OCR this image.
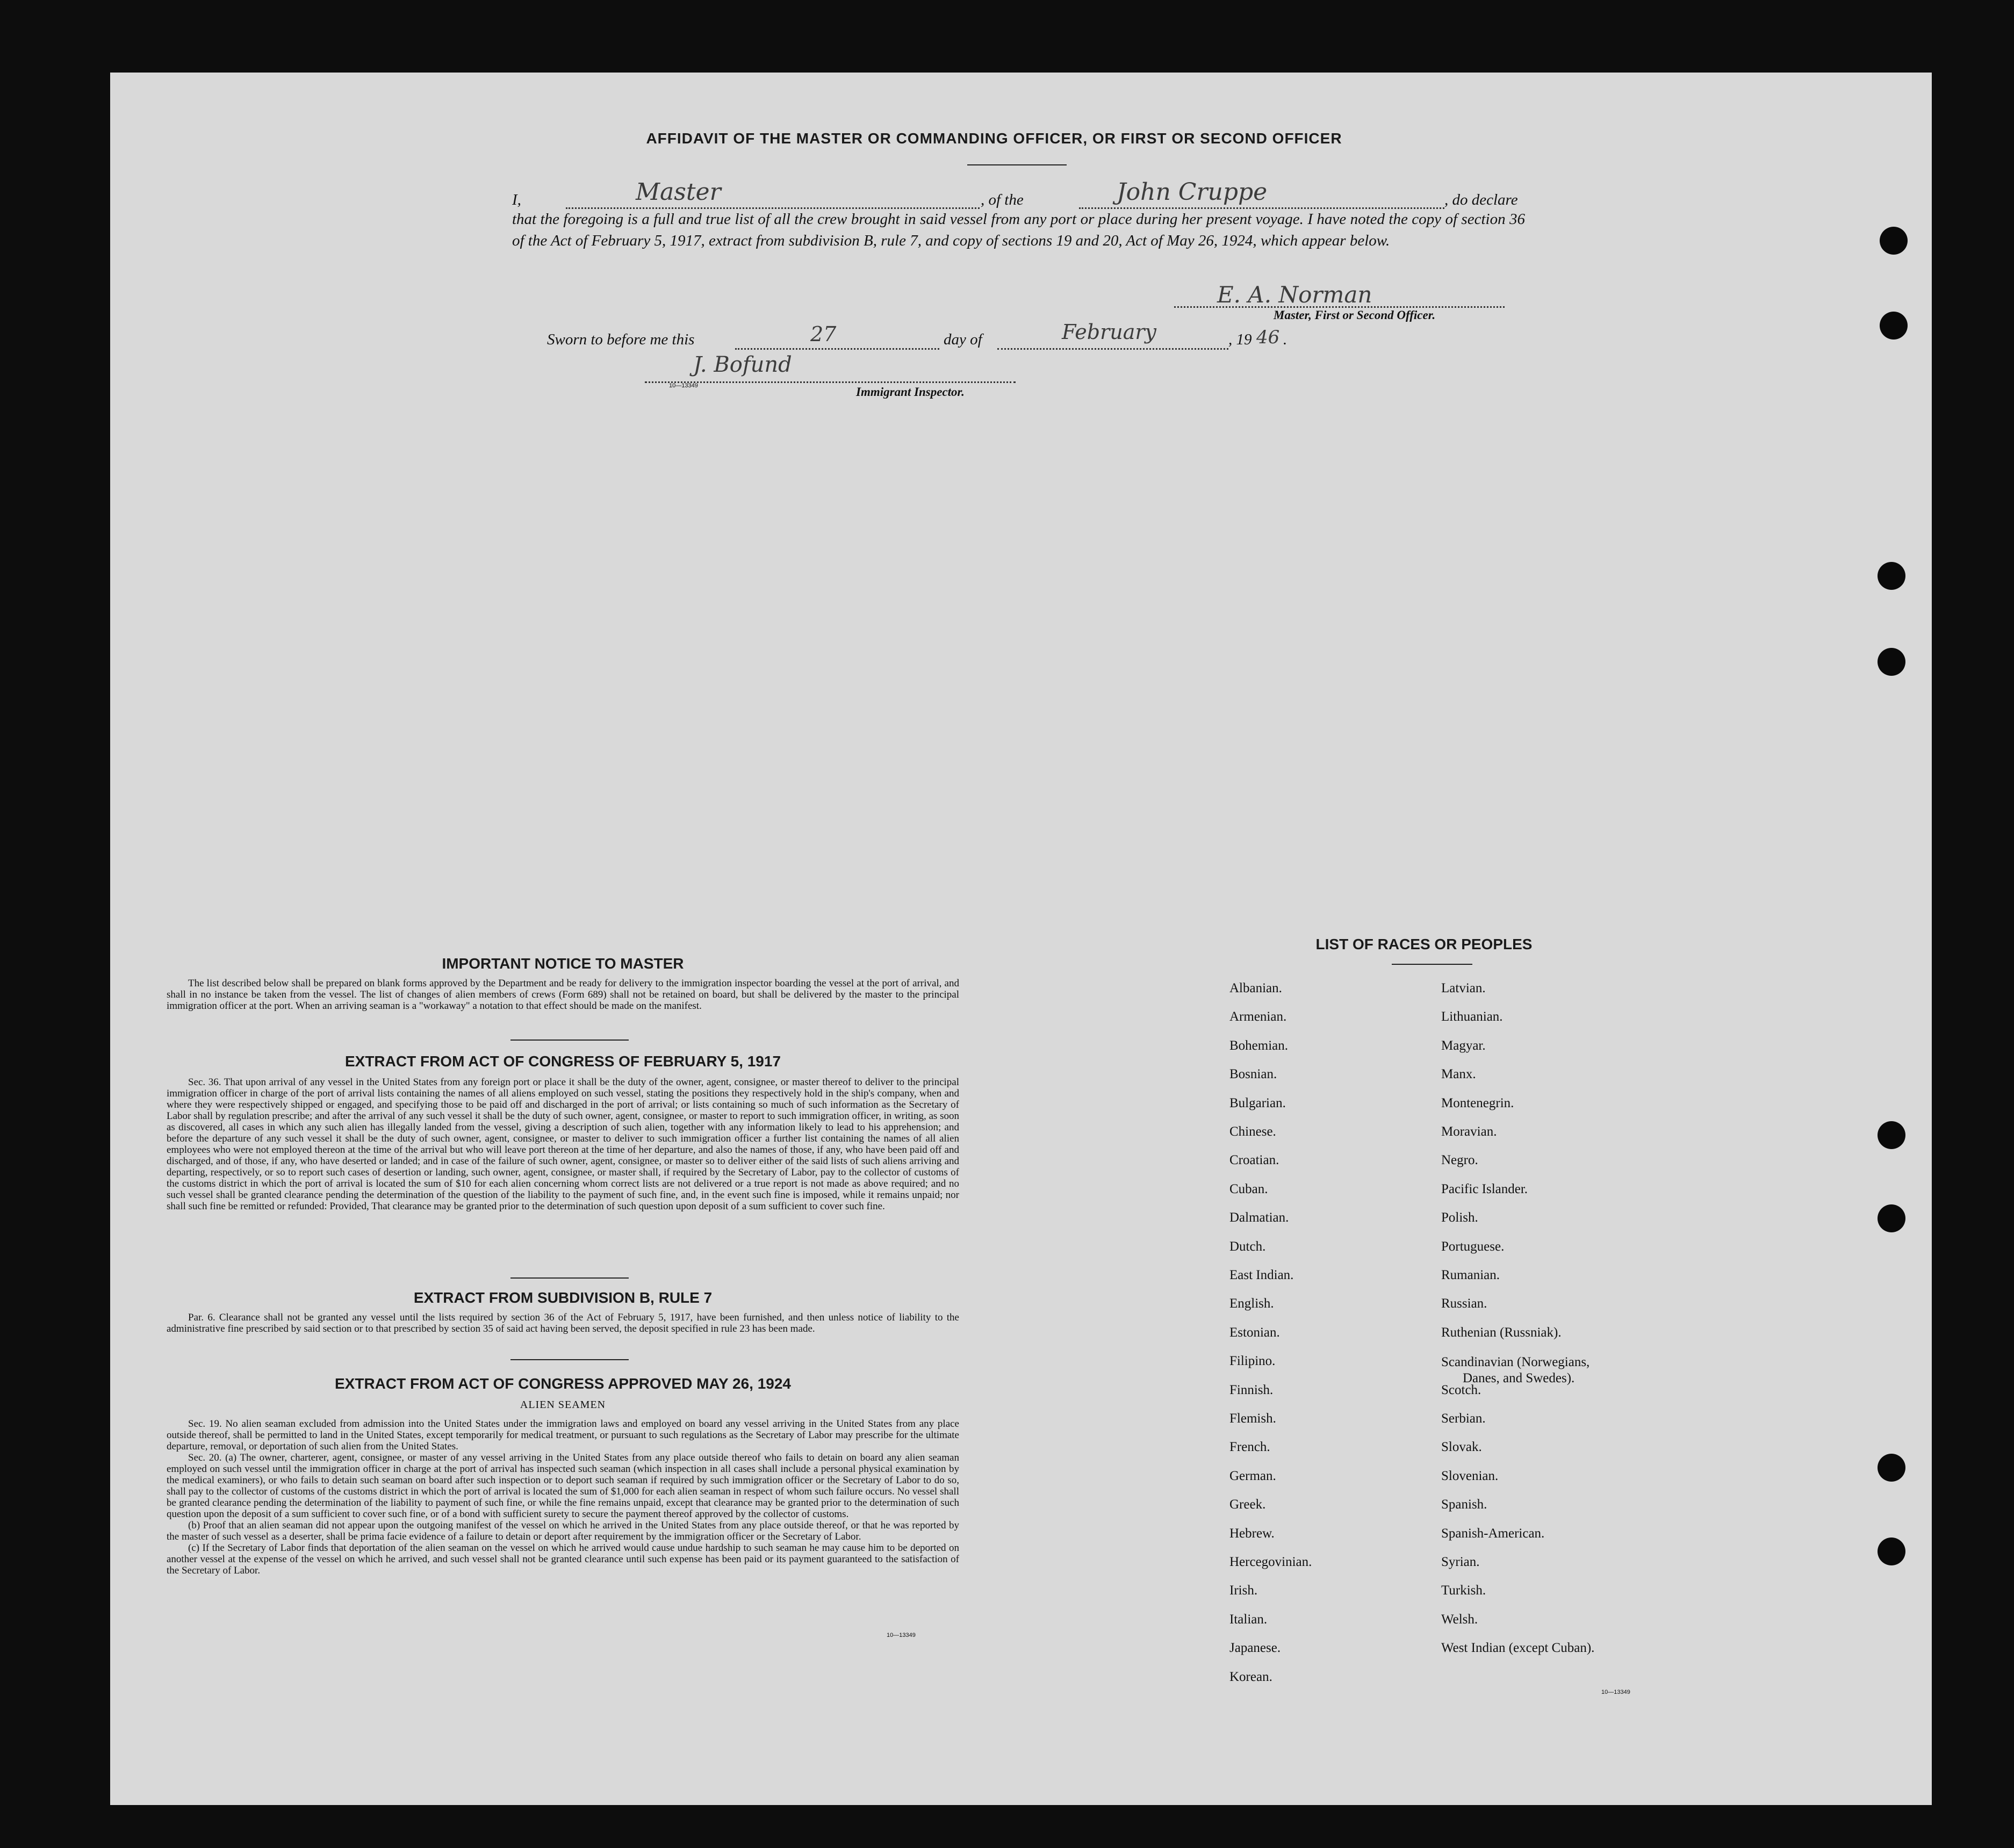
AFFIDAVIT OF THE MASTER OR COMMANDING OFFICER, OR FIRST OR SECOND OFFICER
I,	Master	, of the	John Cruppe	, do declare
that the foregoing is a full and true list of all the crew brought in said vessel from any port or place during her present voyage. I have noted the copy of section 36 of the Act of February 5, 1917, extract from subdivision B, rule 7, and copy of sections 19 and 20, Act of May 26, 1924, which appear below.
E. A. Norman
Master, First or Second Officer.
Sworn to before me this	27	day of	February	, 19 46 .
10—13349
J. Bofund
Immigrant Inspector.
IMPORTANT NOTICE TO MASTER
The list described below shall be prepared on blank forms approved by the Department and be ready for delivery to the immigration inspector boarding the vessel at the port of arrival, and shall in no instance be taken from the vessel. The list of changes of alien members of crews (Form 689) shall not be retained on board, but shall be delivered by the master to the principal immigration officer at the port. When an arriving seaman is a "workaway" a notation to that effect should be made on the manifest.
EXTRACT FROM ACT OF CONGRESS OF FEBRUARY 5, 1917
Sec. 36. That upon arrival of any vessel in the United States from any foreign port or place it shall be the duty of the owner, agent, consignee, or master thereof to deliver to the principal immigration officer in charge of the port of arrival lists containing the names of all aliens employed on such vessel, stating the positions they respectively hold in the ship's company, when and where they were respectively shipped or engaged, and specifying those to be paid off and discharged in the port of arrival; or lists containing so much of such information as the Secretary of Labor shall by regulation prescribe; and after the arrival of any such vessel it shall be the duty of such owner, agent, consignee, or master to report to such immigration officer, in writing, as soon as discovered, all cases in which any such alien has illegally landed from the vessel, giving a description of such alien, together with any information likely to lead to his apprehension; and before the departure of any such vessel it shall be the duty of such owner, agent, consignee, or master to deliver to such immigration officer a further list containing the names of all alien employees who were not employed thereon at the time of the arrival but who will leave port thereon at the time of her departure, and also the names of those, if any, who have been paid off and discharged, and of those, if any, who have deserted or landed; and in case of the failure of such owner, agent, consignee, or master so to deliver either of the said lists of such aliens arriving and departing, respectively, or so to report such cases of desertion or landing, such owner, agent, consignee, or master shall, if required by the Secretary of Labor, pay to the collector of customs of the customs district in which the port of arrival is located the sum of $10 for each alien concerning whom correct lists are not delivered or a true report is not made as above required; and no such vessel shall be granted clearance pending the determination of the question of the liability to the payment of such fine, and, in the event such fine is imposed, while it remains unpaid; nor shall such fine be remitted or refunded: Provided, That clearance may be granted prior to the determination of such question upon deposit of a sum sufficient to cover such fine.
EXTRACT FROM SUBDIVISION B, RULE 7
Par. 6. Clearance shall not be granted any vessel until the lists required by section 36 of the Act of February 5, 1917, have been furnished, and then unless notice of liability to the administrative fine prescribed by said section or to that prescribed by section 35 of said act having been served, the deposit specified in rule 23 has been made.
EXTRACT FROM ACT OF CONGRESS APPROVED MAY 26, 1924
ALIEN SEAMEN
Sec. 19. No alien seaman excluded from admission into the United States under the immigration laws and employed on board any vessel arriving in the United States from any place outside thereof, shall be permitted to land in the United States, except temporarily for medical treatment, or pursuant to such regulations as the Secretary of Labor may prescribe for the ultimate departure, removal, or deportation of such alien from the United States.
Sec. 20. (a) The owner, charterer, agent, consignee, or master of any vessel arriving in the United States from any place outside thereof who fails to detain on board any alien seaman employed on such vessel until the immigration officer in charge at the port of arrival has inspected such seaman (which inspection in all cases shall include a personal physical examination by the medical examiners), or who fails to detain such seaman on board after such inspection or to deport such seaman if required by such immigration officer or the Secretary of Labor to do so, shall pay to the collector of customs of the customs district in which the port of arrival is located the sum of $1,000 for each alien seaman in respect of whom such failure occurs. No vessel shall be granted clearance pending the determination of the liability to payment of such fine, or while the fine remains unpaid, except that clearance may be granted prior to the determination of such question upon the deposit of a sum sufficient to cover such fine, or of a bond with sufficient surety to secure the payment thereof approved by the collector of customs.
(b) Proof that an alien seaman did not appear upon the outgoing manifest of the vessel on which he arrived in the United States from any place outside thereof, or that he was reported by the master of such vessel as a deserter, shall be prima facie evidence of a failure to detain or deport after requirement by the immigration officer or the Secretary of Labor.
(c) If the Secretary of Labor finds that deportation of the alien seaman on the vessel on which he arrived would cause undue hardship to such seaman he may cause him to be deported on another vessel at the expense of the vessel on which he arrived, and such vessel shall not be granted clearance until such expense has been paid or its payment guaranteed to the satisfaction of the Secretary of Labor.
10—13349
LIST OF RACES OR PEOPLES
Albanian.
Armenian.
Bohemian.
Bosnian.
Bulgarian.
Chinese.
Croatian.
Cuban.
Dalmatian.
Dutch.
East Indian.
English.
Estonian.
Filipino.
Finnish.
Flemish.
French.
German.
Greek.
Hebrew.
Hercegovinian.
Irish.
Italian.
Japanese.
Korean.
Latvian.
Lithuanian.
Magyar.
Manx.
Montenegrin.
Moravian.
Negro.
Pacific Islander.
Polish.
Portuguese.
Rumanian.
Russian.
Ruthenian (Russniak).
Scandinavian (Norwegians,
Danes, and Swedes).
Scotch.
Serbian.
Slovak.
Slovenian.
Spanish.
Spanish-American.
Syrian.
Turkish.
Welsh.
West Indian (except Cuban).
10—13349
